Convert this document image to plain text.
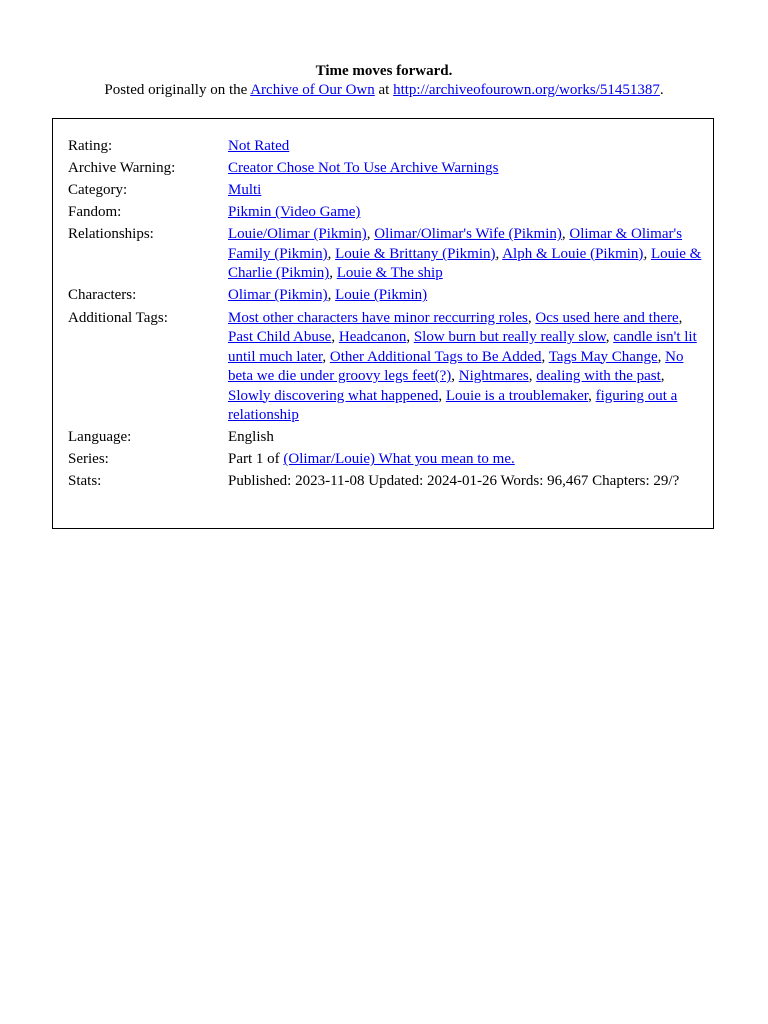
Time moves forward.
Posted originally on the Archive of Our Own at http://archiveofourown.org/works/51451387.
Rating:	Not Rated
Archive Warning:	Creator Chose Not To Use Archive Warnings
Category:	Multi
Fandom:	Pikmin (Video Game)
Relationships:	Louie/Olimar (Pikmin), Olimar/Olimar's Wife (Pikmin), Olimar & Olimar's Family (Pikmin), Louie & Brittany (Pikmin), Alph & Louie (Pikmin), Louie & Charlie (Pikmin), Louie & The ship
Characters:	Olimar (Pikmin), Louie (Pikmin)
Additional Tags:	Most other characters have minor reccurring roles, Ocs used here and there, Past Child Abuse, Headcanon, Slow burn but really really slow, candle isn't lit until much later, Other Additional Tags to Be Added, Tags May Change, No beta we die under groovy legs feet(?), Nightmares, dealing with the past, Slowly discovering what happened, Louie is a troublemaker, figuring out a relationship
Language:	English
Series:	Part 1 of (Olimar/Louie) What you mean to me.
Stats:	Published: 2023-11-08 Updated: 2024-01-26 Words: 96,467 Chapters: 29/?
